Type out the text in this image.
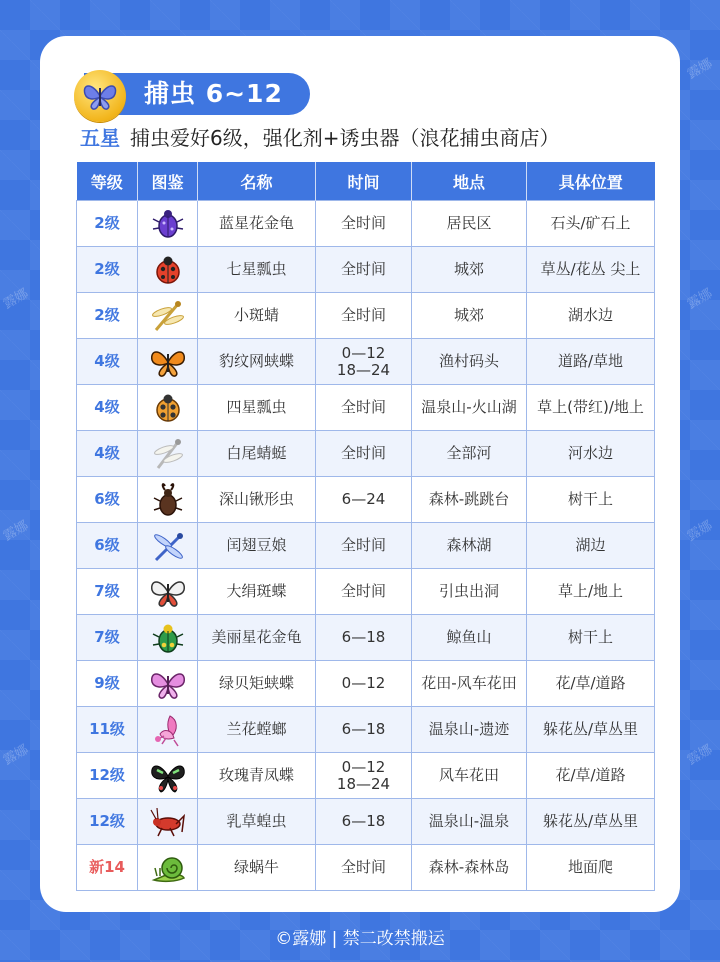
露娜
露娜	露娜
露娜	露娜
露娜	露娜
捕虫 6~12
五星 捕虫爱好6级，强化剂+诱虫器（浪花捕虫商店）
等级	图鉴	名称	时间	地点	具体位置
2级		蓝星花金龟	全时间	居民区	石头/矿石上
2级		七星瓢虫	全时间	城郊	草丛/花丛 尖上
2级		小斑蜻	全时间	城郊	湖水边
4级		豹纹网蛱蝶	0—12
18—24	渔村码头	道路/草地
4级		四星瓢虫	全时间	温泉山-火山湖	草上(带红)/地上
4级		白尾蜻蜓	全时间	全部河	河水边
6级		深山锹形虫	6—24	森林-跳跳台	树干上
6级		闰翅豆娘	全时间	森林湖	湖边
7级		大绢斑蝶	全时间	引虫出洞	草上/地上
7级		美丽星花金龟	6—18	鲸鱼山	树干上
9级		绿贝矩蛱蝶	0—12	花田-风车花田	花/草/道路
11级		兰花螳螂	6—18	温泉山-遗迹	躲花丛/草丛里
12级		玫瑰青凤蝶	0—12
18—24	风车花田	花/草/道路
12级		乳草蝗虫	6—18	温泉山-温泉	躲花丛/草丛里
新14		绿蜗牛	全时间	森林-森林岛	地面爬
©露娜 | 禁二改禁搬运
